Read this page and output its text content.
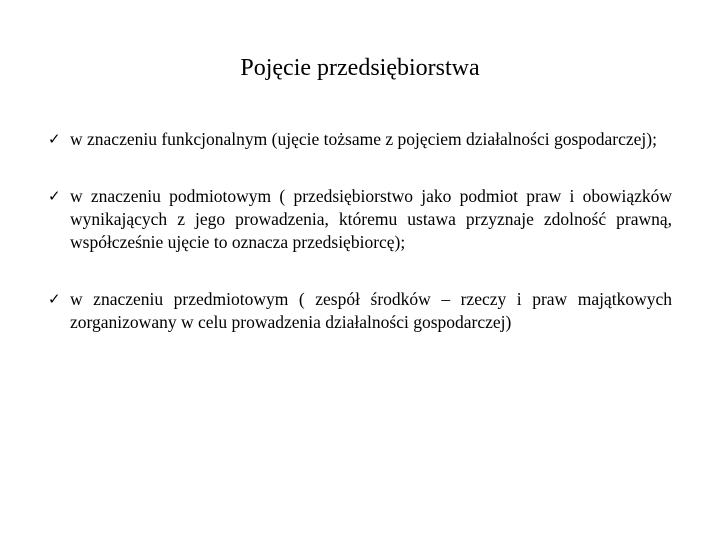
Pojęcie przedsiębiorstwa
✓ w znaczeniu funkcjonalnym (ujęcie tożsame z pojęciem działalności gospodarczej);
✓ w znaczeniu podmiotowym ( przedsiębiorstwo jako podmiot praw i obowiązków wynikających z jego prowadzenia, któremu ustawa przyznaje zdolność prawną, współcześnie ujęcie to oznacza przedsiębiorcę);
✓ w znaczeniu przedmiotowym ( zespół środków – rzeczy i praw majątkowych zorganizowany w celu prowadzenia działalności gospodarczej)
